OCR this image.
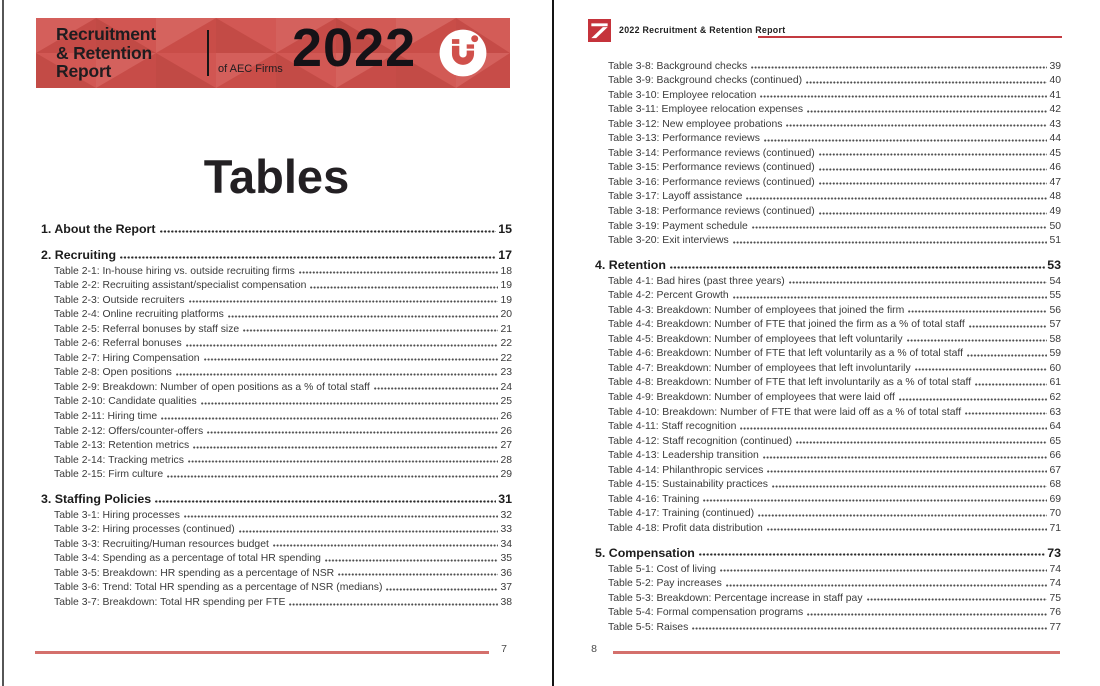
Recruitment
& Retention
Report	of AEC Firms 2022
Tables
1. About the Report	15
2. Recruiting	17
Table 2-1: In-house hiring vs. outside recruiting firms	18
Table 2-2: Recruiting assistant/specialist compensation	19
Table 2-3: Outside recruiters	19
Table 2-4: Online recruiting platforms	20
Table 2-5: Referral bonuses by staff size	21
Table 2-6: Referral bonuses	22
Table 2-7: Hiring Compensation	22
Table 2-8: Open positions	23
Table 2-9: Breakdown: Number of open positions as a % of total staff	24
Table 2-10: Candidate qualities	25
Table 2-11: Hiring time	26
Table 2-12: Offers/counter-offers	26
Table 2-13: Retention metrics	27
Table 2-14: Tracking metrics	28
Table 2-15: Firm culture	29
3. Staffing Policies	31
Table 3-1: Hiring processes	32
Table 3-2: Hiring processes (continued)	33
Table 3-3: Recruiting/Human resources budget	34
Table 3-4: Spending as a percentage of total HR spending	35
Table 3-5: Breakdown: HR spending as a percentage of NSR	36
Table 3-6: Trend: Total HR spending as a percentage of NSR (medians)	37
Table 3-7: Breakdown: Total HR spending per FTE	38
7
2022 Recruitment & Retention Report
Table 3-8: Background checks	39
Table 3-9: Background checks (continued)	40
Table 3-10: Employee relocation	41
Table 3-11: Employee relocation expenses	42
Table 3-12: New employee probations	43
Table 3-13: Performance reviews	44
Table 3-14: Performance reviews (continued)	45
Table 3-15: Performance reviews (continued)	46
Table 3-16: Performance reviews (continued)	47
Table 3-17: Layoff assistance	48
Table 3-18: Performance reviews (continued)	49
Table 3-19: Payment schedule	50
Table 3-20: Exit interviews	51
4. Retention	53
Table 4-1: Bad hires (past three years)	54
Table 4-2: Percent Growth	55
Table 4-3: Breakdown: Number of employees that joined the firm	56
Table 4-4: Breakdown: Number of FTE that joined the firm as a % of total staff	57
Table 4-5: Breakdown: Number of employees that left voluntarily	58
Table 4-6: Breakdown: Number of FTE that left voluntarily as a % of total staff	59
Table 4-7: Breakdown: Number of employees that left involuntarily	60
Table 4-8: Breakdown: Number of FTE that left involuntarily as a % of total staff	61
Table 4-9: Breakdown: Number of employees that were laid off	62
Table 4-10: Breakdown: Number of FTE that were laid off as a % of total staff	63
Table 4-11: Staff recognition	64
Table 4-12: Staff recognition (continued)	65
Table 4-13: Leadership transition	66
Table 4-14: Philanthropic services	67
Table 4-15: Sustainability practices	68
Table 4-16: Training	69
Table 4-17: Training (continued)	70
Table 4-18: Profit data distribution	71
5. Compensation	73
Table 5-1: Cost of living	74
Table 5-2: Pay increases	74
Table 5-3: Breakdown: Percentage increase in staff pay	75
Table 5-4: Formal compensation programs	76
Table 5-5: Raises	77
8
